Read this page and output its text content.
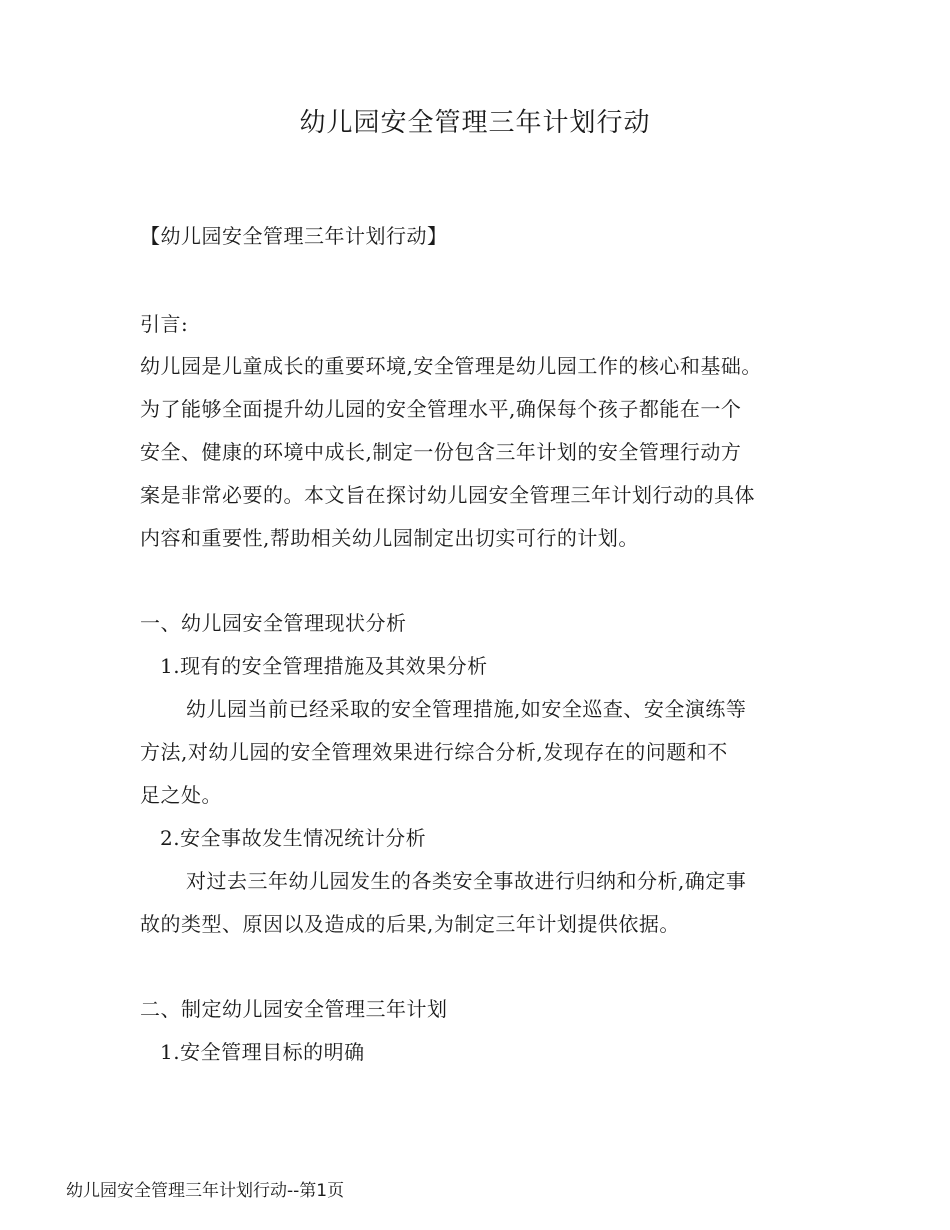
幼儿园安全管理三年计划行动
【幼儿园安全管理三年计划行动】
引言:
幼儿园是儿童成长的重要环境,安全管理是幼儿园工作的核心和基础。
为了能够全面提升幼儿园的安全管理水平,确保每个孩子都能在一个
安全、健康的环境中成长,制定一份包含三年计划的安全管理行动方
案是非常必要的。本文旨在探讨幼儿园安全管理三年计划行动的具体
内容和重要性,帮助相关幼儿园制定出切实可行的计划。
一、幼儿园安全管理现状分析
1.现有的安全管理措施及其效果分析
幼儿园当前已经采取的安全管理措施,如安全巡查、安全演练等
方法,对幼儿园的安全管理效果进行综合分析,发现存在的问题和不
足之处。
2.安全事故发生情况统计分析
对过去三年幼儿园发生的各类安全事故进行归纳和分析,确定事
故的类型、原因以及造成的后果,为制定三年计划提供依据。
二、制定幼儿园安全管理三年计划
1.安全管理目标的明确
幼儿园安全管理三年计划行动--第1页
